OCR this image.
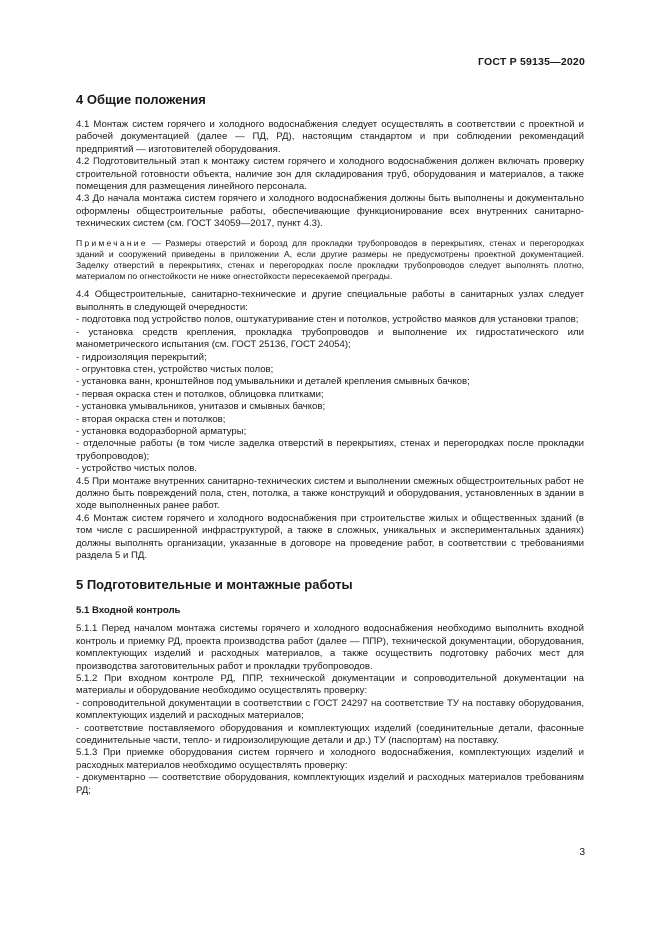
ГОСТ Р 59135—2020
4 Общие положения

4.1 Монтаж систем горячего и холодного водоснабжения следует осуществлять в соответствии с проектной и рабочей документацией (далее — ПД, РД), настоящим стандартом и при соблюдении рекомендаций предприятий — изготовителей оборудования.

4.2 Подготовительный этап к монтажу систем горячего и холодного водоснабжения должен включать проверку строительной готовности объекта, наличие зон для складирования труб, оборудования и материалов, а также помещения для размещения линейного персонала.

4.3 До начала монтажа систем горячего и холодного водоснабжения должны быть выполнены и документально оформлены общестроительные работы, обеспечивающие функционирование всех внутренних санитарно-технических систем (см. ГОСТ 34059—2017, пункт 4.3).

Примечание — Размеры отверстий и борозд для прокладки трубопроводов в перекрытиях, стенах и перегородках зданий и сооружений приведены в приложении А, если другие размеры не предусмотрены проектной документацией. Заделку отверстий в перекрытиях, стенах и перегородках после прокладки трубопроводов следует выполнять плотно, материалом по огнестойкости не ниже огнестойкости пересекаемой преграды.

4.4 Общестроительные, санитарно-технические и другие специальные работы в санитарных узлах следует выполнять в следующей очередности:

- подготовка под устройство полов, оштукатуривание стен и потолков, устройство маяков для установки трапов;

- установка средств крепления, прокладка трубопроводов и выполнение их гидростатического или манометрического испытания (см. ГОСТ 25136, ГОСТ 24054);

- гидроизоляция перекрытий;

- огрунтовка стен, устройство чистых полов;

- установка ванн, кронштейнов под умывальники и деталей крепления смывных бачков;

- первая окраска стен и потолков, облицовка плитками;

- установка умывальников, унитазов и смывных бачков;

- вторая окраска стен и потолков;

- установка водоразборной арматуры;

- отделочные работы (в том числе заделка отверстий в перекрытиях, стенах и перегородках после прокладки трубопроводов);

- устройство чистых полов.

4.5 При монтаже внутренних санитарно-технических систем и выполнении смежных общестроительных работ не должно быть повреждений пола, стен, потолка, а также конструкций и оборудования, установленных в здании в ходе выполненных ранее работ.

4.6 Монтаж систем горячего и холодного водоснабжения при строительстве жилых и общественных зданий (в том числе с расширенной инфраструктурой, а также в сложных, уникальных и экспериментальных зданиях) должны выполнять организации, указанные в договоре на проведение работ, в соответствии с требованиями раздела 5 и ПД.

5 Подготовительные и монтажные работы
5.1 Входной контроль

5.1.1 Перед началом монтажа системы горячего и холодного водоснабжения необходимо выполнить входной контроль и приемку РД, проекта производства работ (далее — ППР), технической документации, оборудования, комплектующих изделий и расходных материалов, а также осуществить подготовку рабочих мест для производства заготовительных работ и прокладки трубопроводов.

5.1.2 При входном контроле РД, ППР, технической документации и сопроводительной документации на материалы и оборудование необходимо осуществлять проверку:

- сопроводительной документации в соответствии с ГОСТ 24297 на соответствие ТУ на поставку оборудования, комплектующих изделий и расходных материалов;

- соответствие поставляемого оборудования и комплектующих изделий (соединительные детали, фасонные соединительные части, тепло- и гидроизолирующие детали и др.) ТУ (паспортам) на поставку.

5.1.3 При приемке оборудования систем горячего и холодного водоснабжения, комплектующих изделий и расходных материалов необходимо осуществлять проверку:

- документарно — соответствие оборудования, комплектующих изделий и расходных материалов требованиям РД;

3
